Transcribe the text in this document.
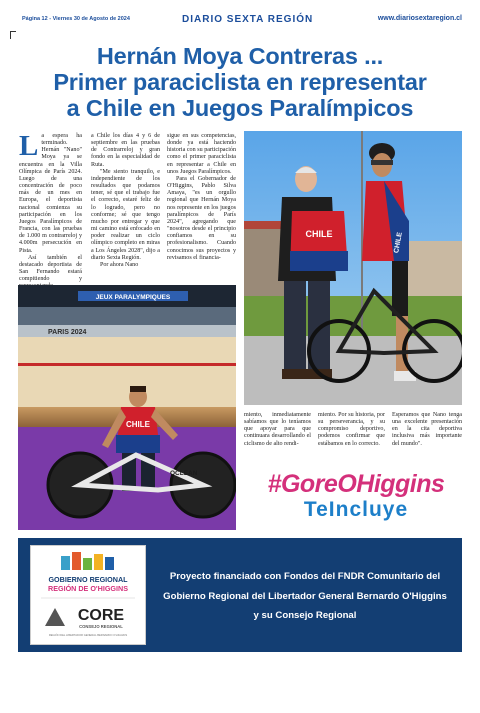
Página 12 - Viernes 30 de Agosto de 2024	DIARIO SEXTA REGIÓN	www.diariosextaregion.cl
Hernán Moya Contreras ...
Primer paraciclista en representar
a Chile en Juegos Paralímpicos

La espera ha terminado. Hernán "Nano" Moya ya se encuentra en la Villa Olímpica de París 2024. Luego de una concentración de poco más de un mes en Europa, el deportista nacional comienza su participación en los Juegos Paralímpicos de Francia, con las pruebas de 1.000 m contrarreloj y 4.000m persecución en Pista.

Así también el destacado deportista de San Fernando estará compitiendo y

a Chile los días 4 y 6 de septiembre en las pruebas de Contrarreloj y gran fondo en la especialidad de Ruta.

"Me siento tranquilo, e independiente de los resultados que podamos tener, sé que el trabajo fue el correcto, estaré feliz de lo logrado, pero no conforme; sé que tengo mucho por entregar y que mi camino está enfocado en poder realizar un ciclo olímpico completo en miras a Los Ángeles 2028", dijo a diario Sexta Región.

Por ahora Nano

sigue en sus competencias, donde ya está haciendo historia con su participación como el primer paraciclista en representar a Chile en unos Juegos Paralímpicos.

Para el Gobernador de O'Higgins, Pablo Silva Amaya, "es un orgullo regional que Hernán Moya nos represente en los juegos paralímpicos de París 2024", agregando que "nosotros desde el principio confiamos en su profesionalismo. Cuando conocimos sus proyectos y revisamos el financia-

JEUX PARALYMPIQUES
PARIS 2024
CHILE
OCLEAN
CHILE	CHILE
miento, inmediatamente sabíamos que lo teníamos que apoyar para que continuara desarrollando el ciclismo de alto rendi-
miento. Por su historia, por su perseverancia, y su compromiso deportivo, podemos confirmar que estábamos en lo correcto.
Esperamos que Nano tenga una excelente presentación en la cita deportiva inclusiva más importante del mundo".
#GoreOHiggins
TeIncluye
GOBIERNO REGIONAL
REGIÓN DE O'HIGGINS
CORE
CONSEJO REGIONAL
REGIÓN DEL LIBERTADOR GENERAL BERNARDO O'HIGGINS
Proyecto financiado con Fondos del FNDR Comunitario del
Gobierno Regional del Libertador General Bernardo O'Higgins
y su Consejo Regional
